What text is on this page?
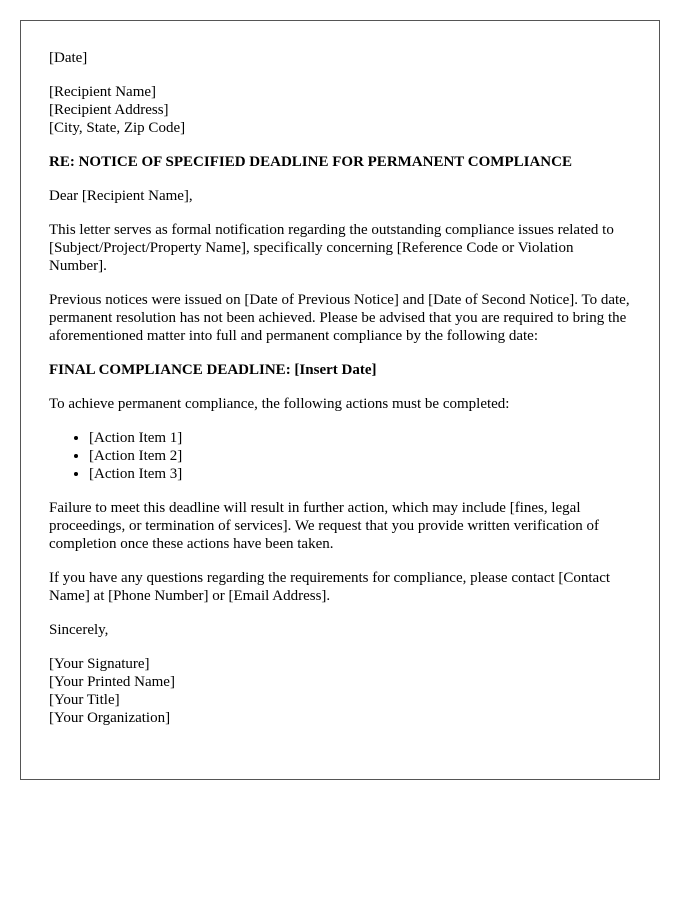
[Date]

[Recipient Name]
[Recipient Address]
[City, State, Zip Code]

RE: NOTICE OF SPECIFIED DEADLINE FOR PERMANENT COMPLIANCE

Dear [Recipient Name],

This letter serves as formal notification regarding the outstanding compliance issues related to [Subject/Project/Property Name], specifically concerning [Reference Code or Violation Number].

Previous notices were issued on [Date of Previous Notice] and [Date of Second Notice]. To date, permanent resolution has not been achieved. Please be advised that you are required to bring the aforementioned matter into full and permanent compliance by the following date:

FINAL COMPLIANCE DEADLINE: [Insert Date]

To achieve permanent compliance, the following actions must be completed:

• [Action Item 1]
• [Action Item 2]
• [Action Item 3]

Failure to meet this deadline will result in further action, which may include [fines, legal proceedings, or termination of services]. We request that you provide written verification of completion once these actions have been taken.

If you have any questions regarding the requirements for compliance, please contact [Contact Name] at [Phone Number] or [Email Address].

Sincerely,

[Your Signature]
[Your Printed Name]
[Your Title]
[Your Organization]
